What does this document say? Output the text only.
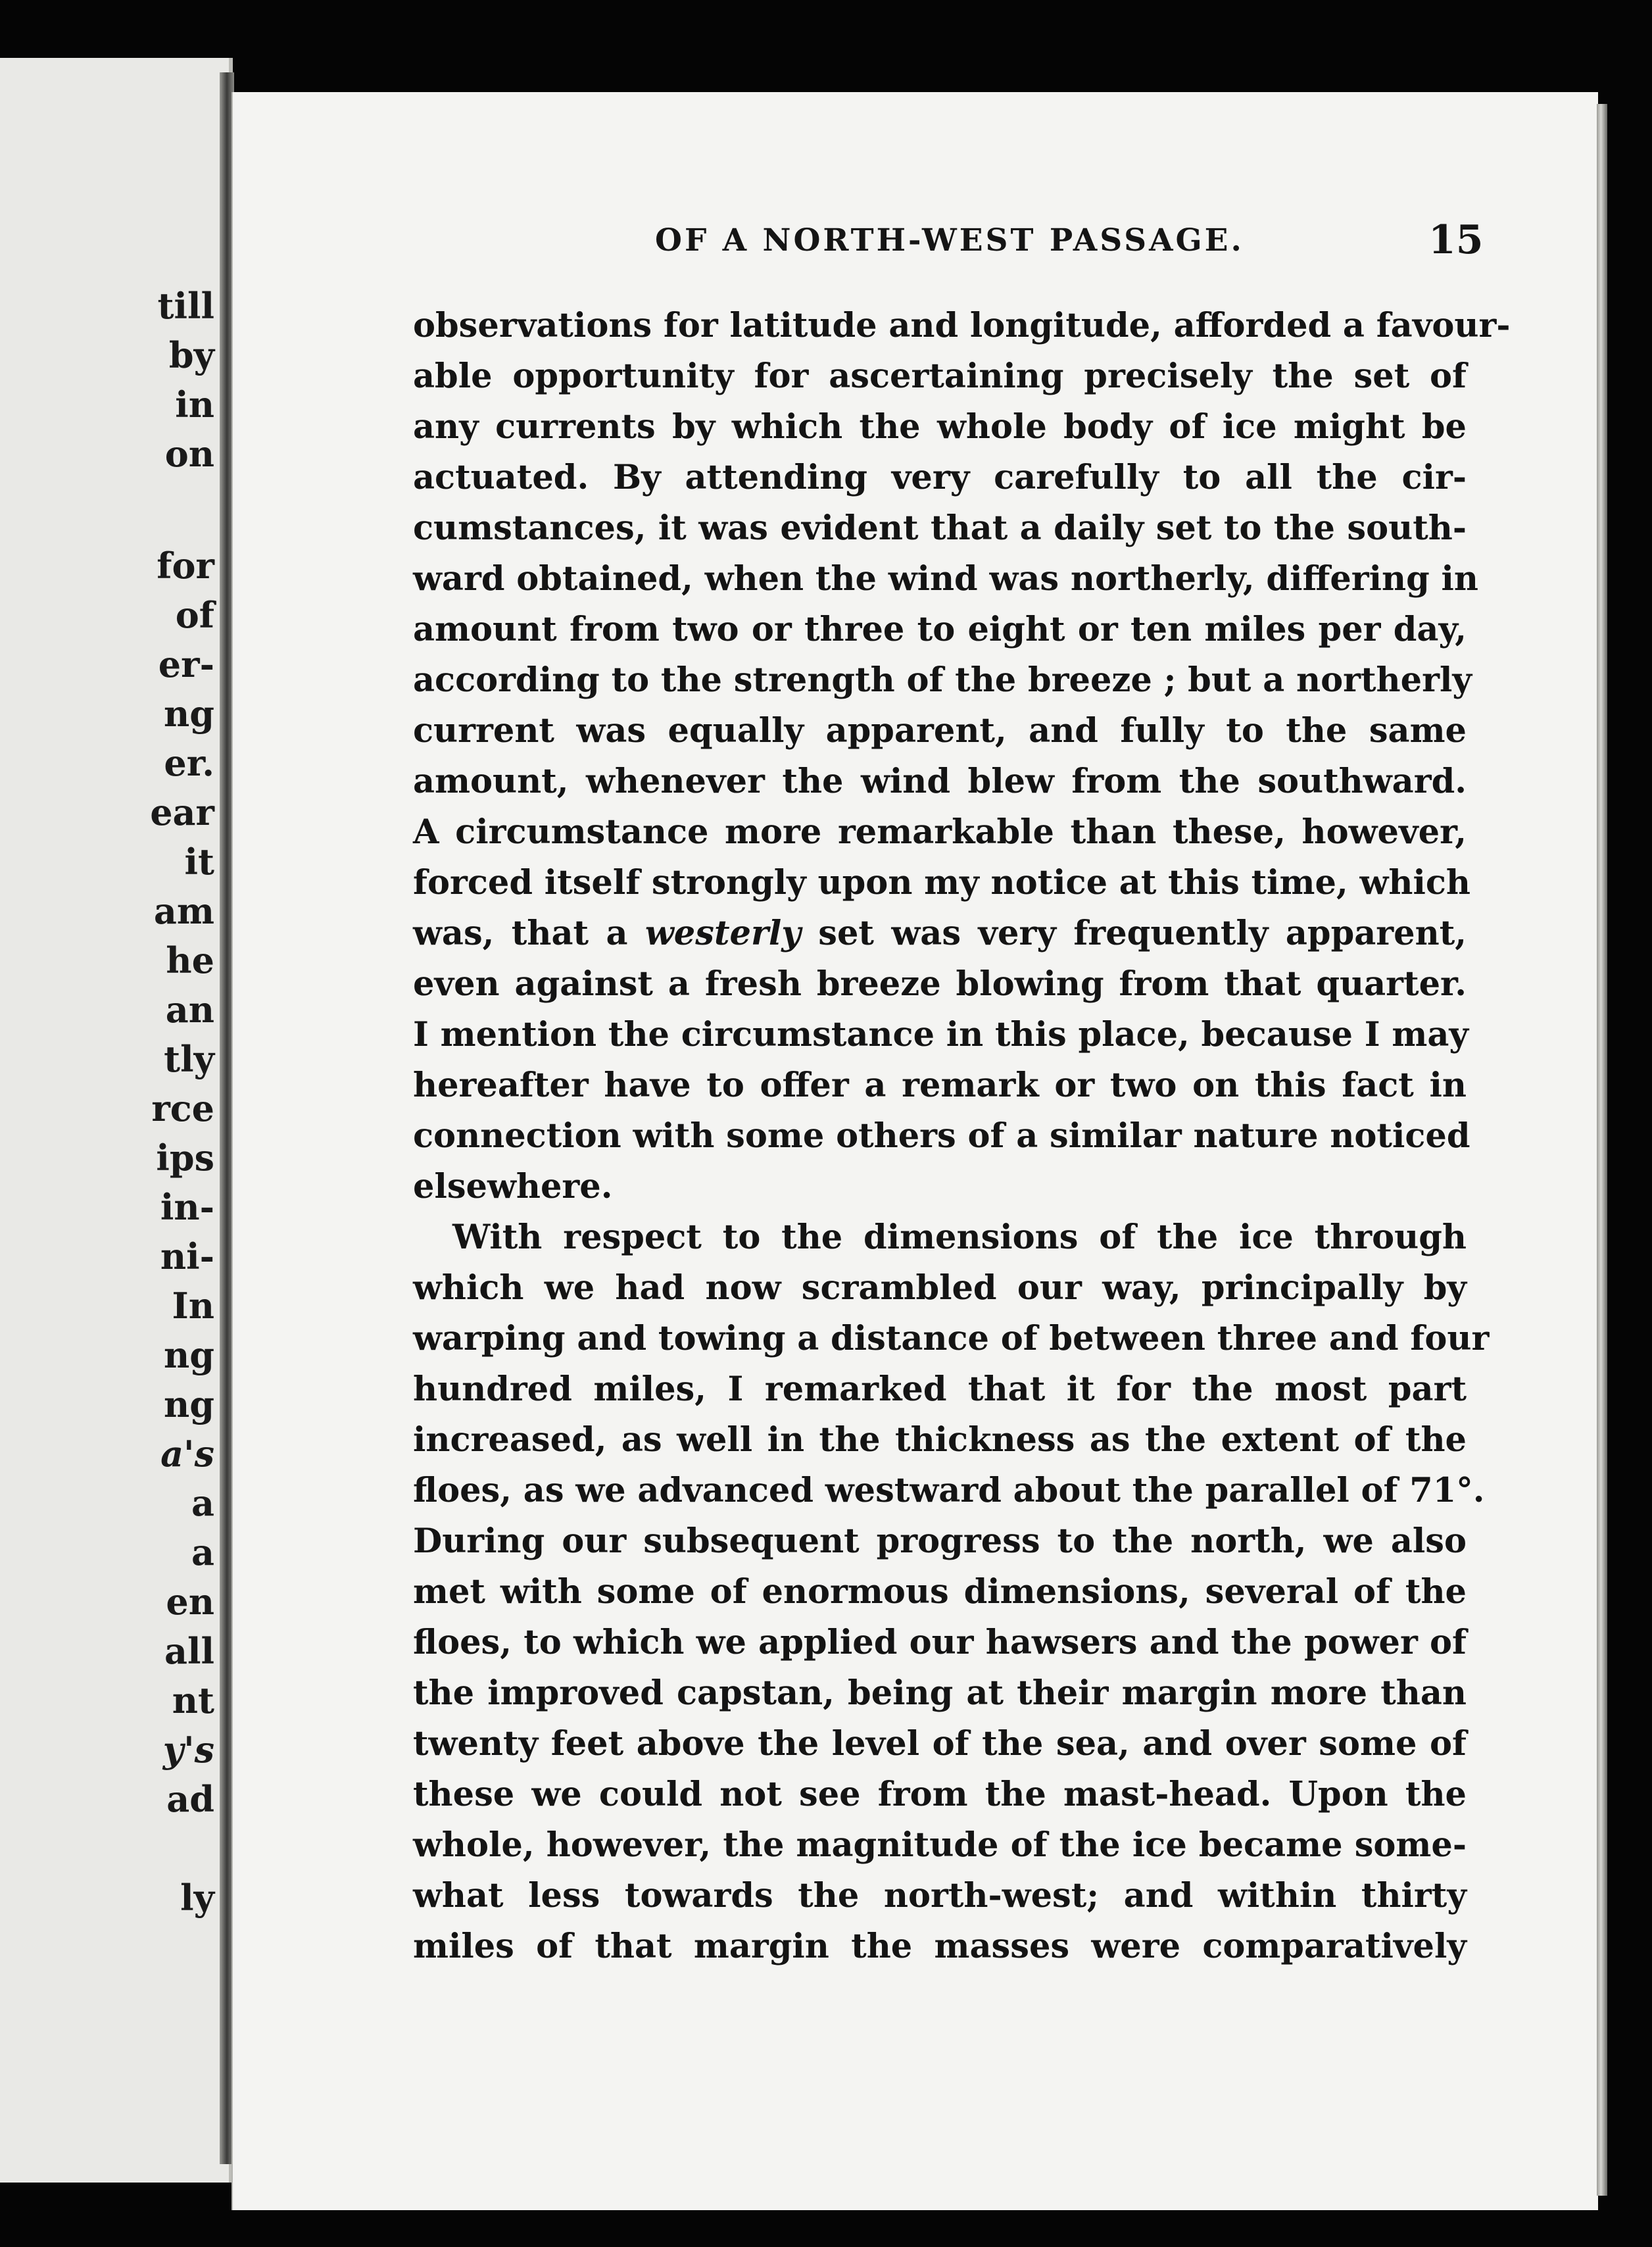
till
by
in
on
for
of
er-
ng
er.
ear
it
am
he
an
tly
rce
ips
in-
ni-
In
ng
ng
a's
a
a
en
all
nt
y's
ad
ly
OF A NORTH-WEST PASSAGE.	15
observations for latitude and longitude, afforded a favour-
able opportunity for ascertaining precisely the set of
any currents by which the whole body of ice might be
actuated. By attending very carefully to all the cir-
cumstances, it was evident that a daily set to the south-
ward obtained, when the wind was northerly, differing in
amount from two or three to eight or ten miles per day,
according to the strength of the breeze ; but a northerly
current was equally apparent, and fully to the same
amount, whenever the wind blew from the southward.
A circumstance more remarkable than these, however,
forced itself strongly upon my notice at this time, which
was, that a westerly set was very frequently apparent,
even against a fresh breeze blowing from that quarter.
I mention the circumstance in this place, because I may
hereafter have to offer a remark or two on this fact in
connection with some others of a similar nature noticed
elsewhere.
With respect to the dimensions of the ice through
which we had now scrambled our way, principally by
warping and towing a distance of between three and four
hundred miles, I remarked that it for the most part
increased, as well in the thickness as the extent of the
floes, as we advanced westward about the parallel of 71°.
During our subsequent progress to the north, we also
met with some of enormous dimensions, several of the
floes, to which we applied our hawsers and the power of
the improved capstan, being at their margin more than
twenty feet above the level of the sea, and over some of
these we could not see from the mast-head. Upon the
whole, however, the magnitude of the ice became some-
what less towards the north-west; and within thirty
miles of that margin the masses were comparatively
